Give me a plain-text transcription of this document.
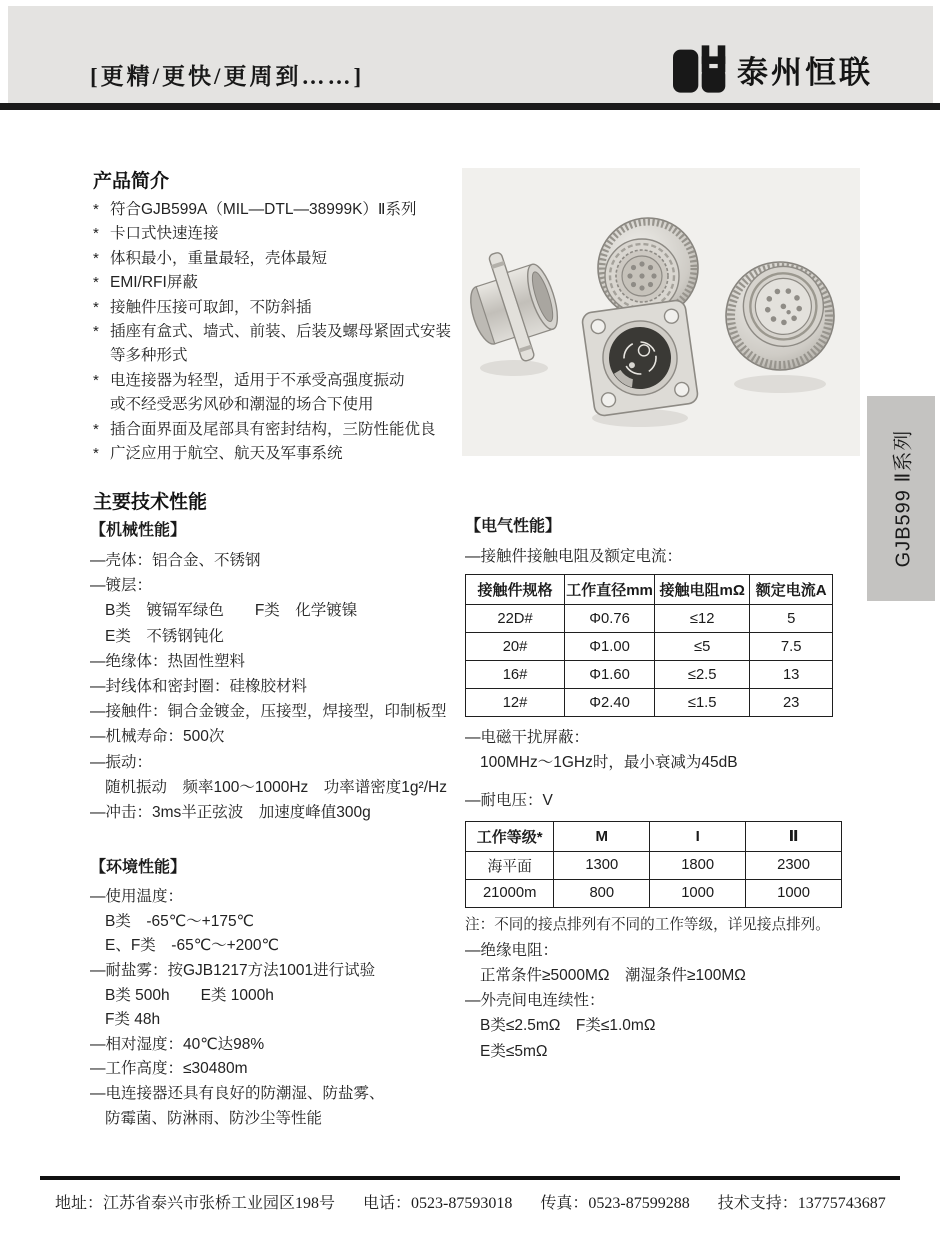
[更精/更快/更周到……]	泰州恒联
产品简介
* 符合GJB599A（MIL—DTL—38999K）Ⅱ系列
* 卡口式快速连接
* 体积最小，重量最轻，壳体最短
* EMI/RFI屏蔽
* 接触件压接可取卸，不防斜插
* 插座有盒式、墙式、前装、后装及螺母紧固式安装
等多种形式
* 电连接器为轻型，适用于不承受高强度振动
或不经受恶劣风砂和潮湿的场合下使用
* 插合面界面及尾部具有密封结构，三防性能优良
* 广泛应用于航空、航天及军事系统	GJB599 Ⅱ系列
主要技术性能
【机械性能】
—壳体：铝合金、不锈钢
—镀层：
B类　镀镉军绿色　　F类　化学镀镍
E类　不锈钢钝化
—绝缘体：热固性塑料
—封线体和密封圈：硅橡胶材料
—接触件：铜合金镀金，压接型，焊接型，印制板型
—机械寿命：500次
—振动：
随机振动　频率100～1000Hz　功率谱密度1g²/Hz
—冲击：3ms半正弦波　加速度峰值300g
【环境性能】
—使用温度：
B类　-65℃～+175℃
E、F类　-65℃～+200℃
—耐盐雾：按GJB1217方法1001进行试验
B类 500h　　E类 1000h
F类 48h
—相对湿度：40℃达98%
—工作高度：≤30480m
—电连接器还具有良好的防潮湿、防盐雾、
防霉菌、防淋雨、防沙尘等性能
【电气性能】
—接触件接触电阻及额定电流：
接触件规格	工作直径mm	接触电阻mΩ	额定电流A
22D#	Φ0.76	≤12	5
20#	Φ1.00	≤5	7.5
16#	Φ1.60	≤2.5	13
12#	Φ2.40	≤1.5	23
—电磁干扰屏蔽：
100MHz～1GHz时，最小衰减为45dB
—耐电压：V
工作等级*	M	I	Ⅱ
海平面	1300	1800	2300
21000m	800	1000	1000
注：不同的接点排列有不同的工作等级，详见接点排列。
—绝缘电阻：
正常条件≥5000MΩ　潮湿条件≥100MΩ
—外壳间电连续性：
B类≤2.5mΩ　F类≤1.0mΩ
E类≤5mΩ
地址：江苏省泰兴市张桥工业园区198号 电话：0523-87593018 传真：0523-87599288 技术支持：13775743687
